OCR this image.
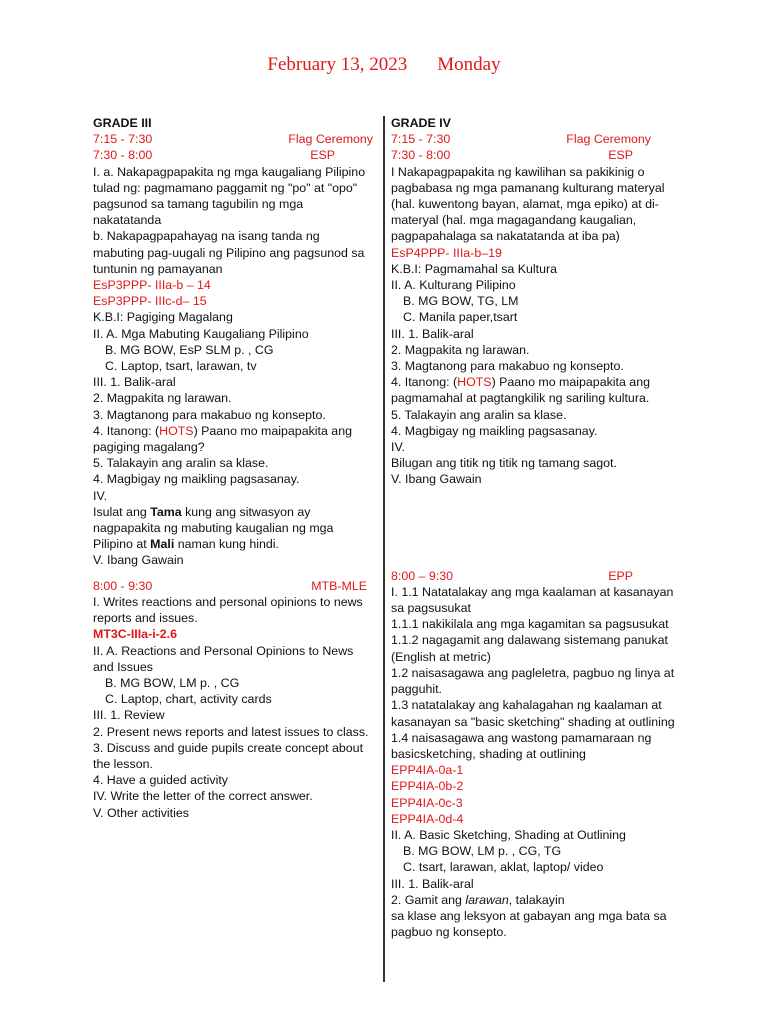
February 13, 2023 Monday
GRADE III
7:15 - 7:30	Flag Ceremony
7:30 - 8:00	ESP
I. a. Nakapagpapakita ng mga kaugaliang Pilipino tulad ng: pagmamano paggamit ng "po" at "opo" pagsunod sa tamang tagubilin ng mga nakatatanda
b. Nakapagpapahayag na isang tanda ng mabuting pag-uugali ng Pilipino ang pagsunod sa tuntunin ng pamayanan
EsP3PPP- IIIa-b – 14
EsP3PPP- IIIc-d– 15
K.B.I: Pagiging Magalang
II. A. Mga Mabuting Kaugaliang Pilipino
B. MG BOW, EsP SLM p. , CG
C. Laptop, tsart, larawan, tv
III. 1. Balik-aral
2. Magpakita ng larawan.
3. Magtanong para makabuo ng konsepto.
4. Itanong: (HOTS) Paano mo maipapakita ang pagiging magalang?
5. Talakayin ang aralin sa klase.
4. Magbigay ng maikling pagsasanay.
IV.
Isulat ang Tama kung ang sitwasyon ay nagpapakita ng mabuting kaugalian ng mga Pilipino at Mali naman kung hindi.
V. Ibang Gawain
8:00 - 9:30	MTB-MLE
I. Writes reactions and personal opinions to news reports and issues.
MT3C-IIIa-i-2.6
II. A. Reactions and Personal Opinions to News and Issues
B. MG BOW, LM p. , CG
C. Laptop, chart, activity cards
III. 1. Review
2. Present news reports and latest issues to class.
3. Discuss and guide pupils create concept about the lesson.
4. Have a guided activity
IV. Write the letter of the correct answer.
V. Other activities
GRADE IV
7:15 - 7:30	Flag Ceremony
7:30 - 8:00	ESP
I Nakapagpapakita ng kawilihan sa pakikinig o pagbabasa ng mga pamanang kulturang materyal (hal. kuwentong bayan, alamat, mga epiko) at di-materyal (hal. mga magagandang kaugalian, pagpapahalaga sa nakatatanda at iba pa)
EsP4PPP- IIIa-b–19
K.B.I: Pagmamahal sa Kultura
II. A. Kulturang Pilipino
B. MG BOW, TG, LM
C. Manila paper,tsart
III. 1. Balik-aral
2. Magpakita ng larawan.
3. Magtanong para makabuo ng konsepto.
4. Itanong: (HOTS) Paano mo maipapakita ang pagmamahal at pagtangkilik ng sariling kultura.
5. Talakayin ang aralin sa klase.
4. Magbigay ng maikling pagsasanay.
IV.
Bilugan ang titik ng titik ng tamang sagot.
V. Ibang Gawain
8:00 – 9:30	EPP
I. 1.1 Natatalakay ang mga kaalaman at kasanayan sa pagsusukat
1.1.1 nakikilala ang mga kagamitan sa pagsusukat
1.1.2 nagagamit ang dalawang sistemang panukat (English at metric)
1.2 naisasagawa ang pagleletra, pagbuo ng linya at pagguhit.
1.3 natatalakay ang kahalagahan ng kaalaman at kasanayan sa "basic sketching" shading at outlining
1.4 naisasagawa ang wastong pamamaraan ng basicsketching, shading at outlining
EPP4IA-0a-1
EPP4IA-0b-2
EPP4IA-0c-3
EPP4IA-0d-4
II. A. Basic Sketching, Shading at Outlining
B. MG BOW, LM p. , CG, TG
C. tsart, larawan, aklat, laptop/ video
III. 1. Balik-aral
2. Gamit ang larawan, talakayin
sa klase ang leksyon at gabayan ang mga bata sa pagbuo ng konsepto.
